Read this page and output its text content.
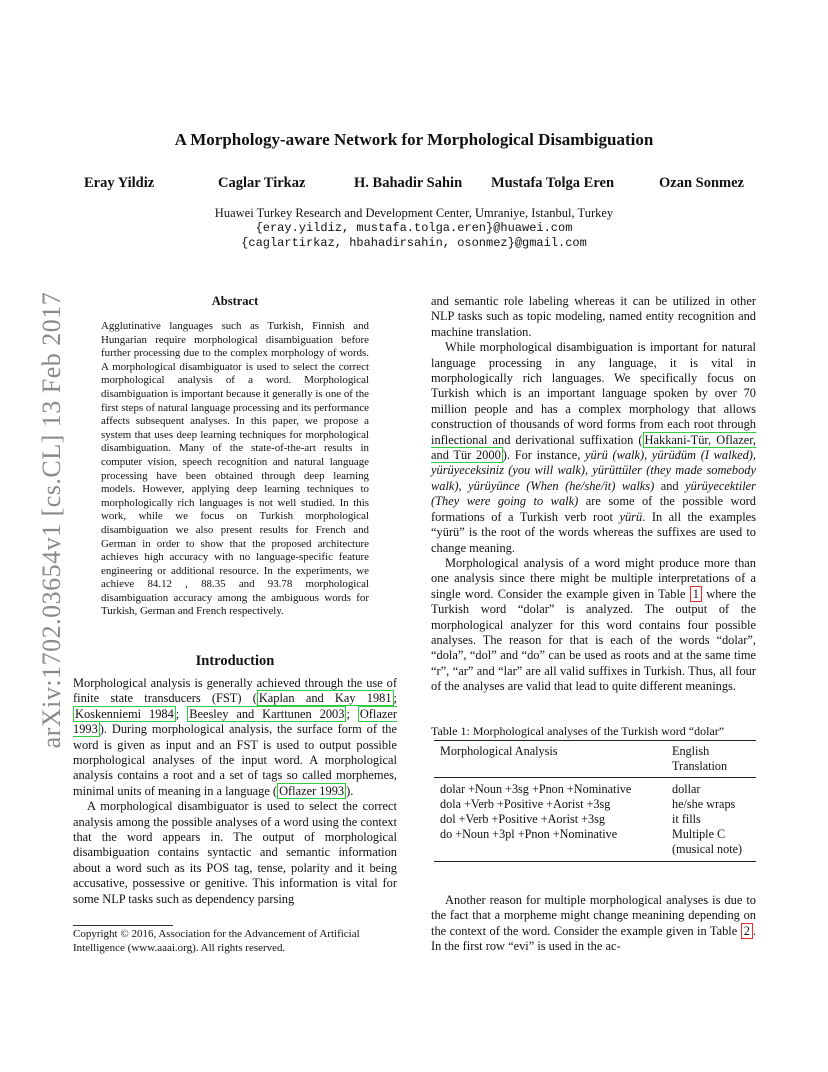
arXiv:1702.03654v1 [cs.CL] 13 Feb 2017
A Morphology-aware Network for Morphological Disambiguation
Eray Yildiz	Caglar Tirkaz	H. Bahadir Sahin Mustafa Tolga Eren	Ozan Sonmez
Huawei Turkey Research and Development Center, Umraniye, Istanbul, Turkey
{eray.yildiz, mustafa.tolga.eren}@huawei.com
{caglartirkaz, hbahadirsahin, osonmez}@gmail.com
Abstract
Agglutinative languages such as Turkish, Finnish and Hungarian require morphological disambiguation before further processing due to the complex morphology of words. A morphological disambiguator is used to select the correct morphological analysis of a word. Morphological disambiguation is important because it generally is one of the first steps of natural language processing and its performance affects subsequent analyses. In this paper, we propose a system that uses deep learning techniques for morphological disambiguation. Many of the state-of-the-art results in computer vision, speech recognition and natural language processing have been obtained through deep learning models. However, applying deep learning techniques to morphologically rich languages is not well studied. In this work, while we focus on Turkish morphological disambiguation we also present results for French and German in order to show that the proposed architecture achieves high accuracy with no language-specific feature engineering or additional resource. In the experiments, we achieve 84.12 , 88.35 and 93.78 morphological disambiguation accuracy among the ambiguous words for Turkish, German and French respectively.
Introduction

Morphological analysis is generally achieved through the use of finite state transducers (FST) ( Kaplan and Kay 1981 ; Koskenniemi 1984 ; Beesley and Karttunen 2003 ; Oflazer 1993 ). During morphological analysis, the surface form of the word is given as input and an FST is used to output possible morphological analyses of the input word. A morphological analysis contains a root and a set of tags so called morphemes, minimal units of meaning in a language ( Oflazer 1993 ).

A morphological disambiguator is used to select the correct analysis among the possible analyses of a word using the context that the word appears in. The output of morphological disambiguation contains syntactic and semantic information about a word such as its POS tag, tense, polarity and it being accusative, possessive or genitive. This information is vital for some NLP tasks such as dependency parsing

Copyright © 2016, Association for the Advancement of Artificial Intelligence (www.aaai.org). All rights reserved.

and semantic role labeling whereas it can be utilized in other NLP tasks such as topic modeling, named entity recognition and machine translation.

While morphological disambiguation is important for natural language processing in any language, it is vital in morphologically rich languages. We specifically focus on Turkish which is an important language spoken by over 70 million people and has a complex morphology that allows construction of thousands of word forms from each root through inflectional and derivational suffixation ( Hakkani-Tür, Oflazer, and Tür 2000 ). For instance, yürü (walk), yürüdüm (I walked), yürüyeceksiniz (you will walk), yürüttüler (they made somebody walk), yürüyünce (When (he/she/it) walks) and yürüyecektiler (They were going to walk) are some of the possible word formations of a Turkish verb root yürü. In all the examples “yürü” is the root of the words whereas the suffixes are used to change meaning.

Morphological analysis of a word might produce more than one analysis since there might be multiple interpretations of a single word. Consider the example given in Table 1 where the Turkish word “dolar” is analyzed. The output of the morphological analyzer for this word contains four possible analyses. The reason for that is each of the words “dolar”, “dola”, “dol” and “do” can be used as roots and at the same time “r”, “ar” and “lar” are all valid suffixes in Turkish. Thus, all four of the analyses are valid that lead to quite different meanings.

Table 1: Morphological analyses of the Turkish word “dolar”
Morphological Analysis	English Translation
dolar +Noun +3sg +Pnon +Nominative	dollar
dola +Verb +Positive +Aorist +3sg	he/she wraps
dol +Verb +Positive +Aorist +3sg	it fills
do +Noun +3pl +Pnon +Nominative	Multiple C (musical note)

Another reason for multiple morphological analyses is due to the fact that a morpheme might change meanining depending on the context of the word. Consider the example given in Table 2 . In the first row “evi” is used in the ac-
